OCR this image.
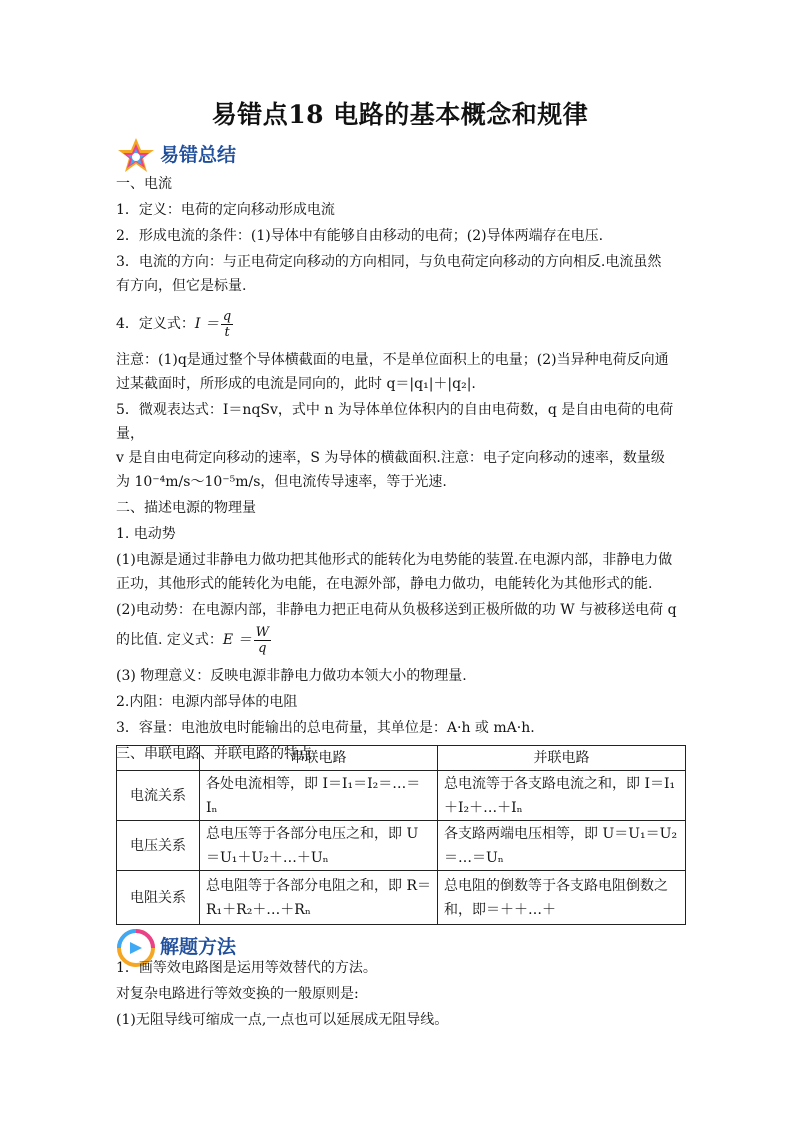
易错点18 电路的基本概念和规律
易错总结

一、电流

1．定义：电荷的定向移动形成电流

2．形成电流的条件：(1)导体中有能够自由移动的电荷；(2)导体两端存在电压.

3．电流的方向：与正电荷定向移动的方向相同，与负电荷定向移动的方向相反.电流虽然

有方向，但它是标量.

4．定义式：$I = \frac{q}{t}$

注意：(1)q是通过整个导体横截面的电量，不是单位面积上的电量；(2)当异种电荷反向通

过某截面时，所形成的电流是同向的，此时 q＝|q₁|＋|q₂|.

5．微观表达式：I＝nqSv，式中 n 为导体单位体积内的自由电荷数，q 是自由电荷的电荷量，

v 是自由电荷定向移动的速率，S 为导体的横截面积.注意：电子定向移动的速率，数量级

为 10⁻⁴m/s～10⁻⁵m/s，但电流传导速率，等于光速.

二、描述电源的物理量

1. 电动势

(1)电源是通过非静电力做功把其他形式的能转化为电势能的装置.在电源内部，非静电力做

正功，其他形式的能转化为电能，在电源外部，静电力做功，电能转化为其他形式的能.

(2)电动势：在电源内部，非静电力把正电荷从负极移送到正极所做的功 W 与被移送电荷 q

的比值. 定义式：$E = \frac{W}{q}$

(3) 物理意义：反映电源非静电力做功本领大小的物理量.

2.内阻：电源内部导体的电阻

3．容量：电池放电时能输出的总电荷量，其单位是：A·h 或 mA·h.

三、串联电路、并联电路的特点

	串联电路	并联电路
电流关系	各处电流相等，即 I＝I₁＝I₂＝…＝Iₙ	总电流等于各支路电流之和，即 I＝I₁＋I₂＋…＋Iₙ
电压关系	总电压等于各部分电压之和，即 U＝U₁＋U₂＋…＋Uₙ	各支路两端电压相等，即 U＝U₁＝U₂＝…＝Uₙ
电阻关系	总电阻等于各部分电阻之和，即 R＝R₁＋R₂＋…＋Rₙ	总电阻的倒数等于各支路电阻倒数之和，即＝＋＋…＋
解题方法

1．画等效电路图是运用等效替代的方法。

对复杂电路进行等效变换的一般原则是:

(1)无阻导线可缩成一点,一点也可以延展成无阻导线。
